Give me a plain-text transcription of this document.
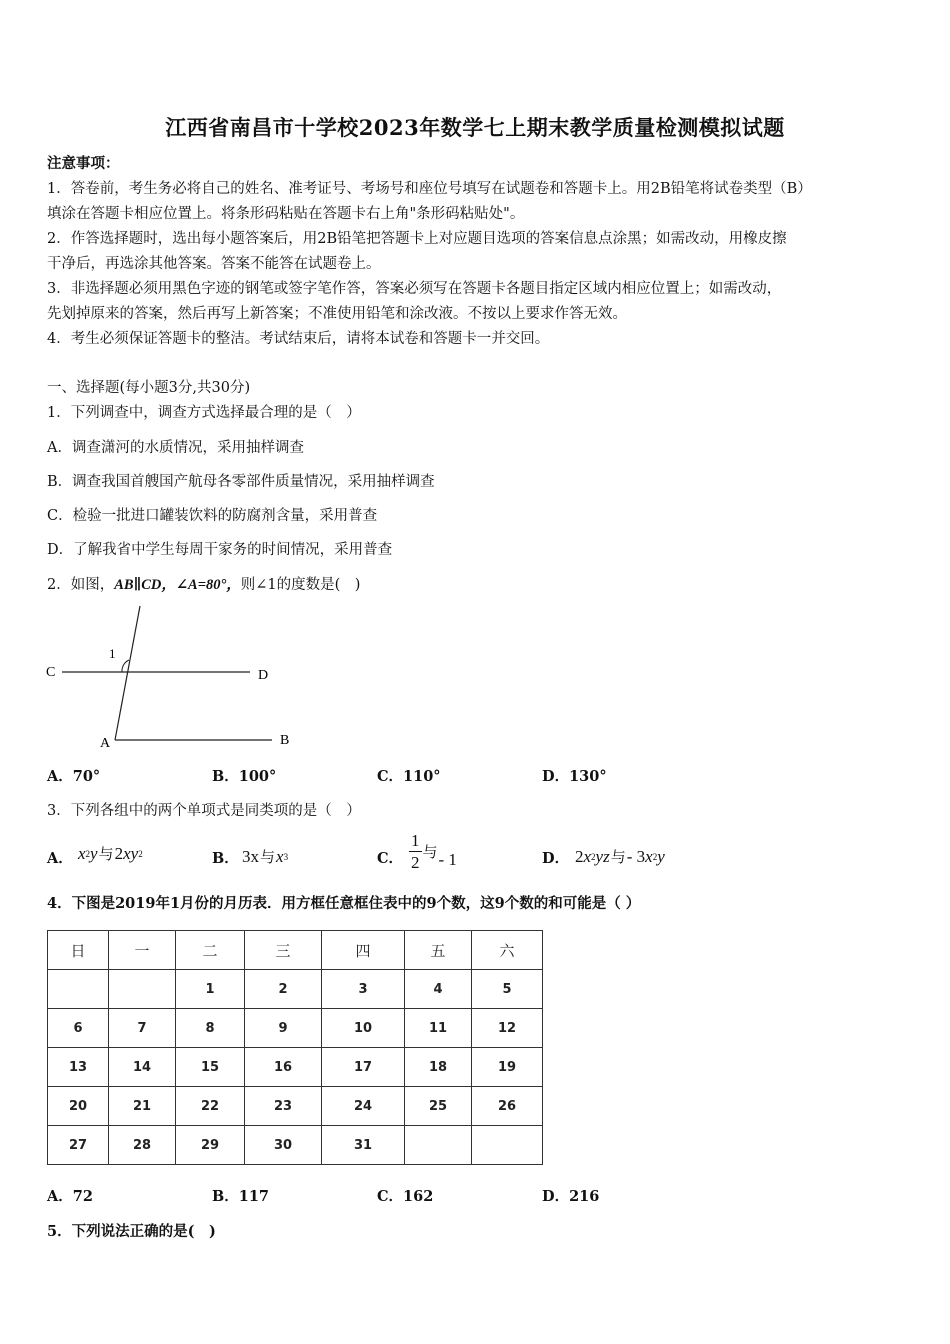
江西省南昌市十学校2023年数学七上期末教学质量检测模拟试题
注意事项：
1．答卷前，考生务必将自己的姓名、准考证号、考场号和座位号填写在试题卷和答题卡上。用2B铅笔将试卷类型（B）
填涂在答题卡相应位置上。将条形码粘贴在答题卡右上角"条形码粘贴处"。
2．作答选择题时，选出每小题答案后，用2B铅笔把答题卡上对应题目选项的答案信息点涂黑；如需改动，用橡皮擦
干净后，再选涂其他答案。答案不能答在试题卷上。
3．非选择题必须用黑色字迹的钢笔或签字笔作答，答案必须写在答题卡各题目指定区域内相应位置上；如需改动，
先划掉原来的答案，然后再写上新答案；不准使用铅笔和涂改液。不按以上要求作答无效。
4．考生必须保证答题卡的整洁。考试结束后，请将本试卷和答题卡一并交回。
一、选择题(每小题3分,共30分)
1．下列调查中，调查方式选择最合理的是（　）
A．调查潇河的水质情况，采用抽样调查
B．调查我国首艘国产航母各零部件质量情况，采用抽样调查
C．检验一批进口罐装饮料的防腐剂含量，采用普查
D．了解我省中学生每周干家务的时间情况，采用普查
2．如图，AB∥CD，∠A=80°，则∠1的度数是(　)
C	D
A	B
1
A．70°	B．100°	C．110°	D．130°
3．下列各组中的两个单项式是同类项的是（　）
A． x 2 y 与 2 xy 2	B． 3x 与 x 3	C． $\frac{1}{2}$ 与 - 1	D． 2 x 2 yz 与 - 3 x 2 y
4．下图是2019年1月份的月历表．用方框任意框住表中的9个数，这9个数的和可能是（ ）
日	一	二	三	四	五	六
		1	2	3	4	5
6	7	8	9	10	11	12
13	14	15	16	17	18	19
20	21	22	23	24	25	26
27	28	29	30	31		
A．72	B．117	C．162	D．216
5．下列说法正确的是(　)
